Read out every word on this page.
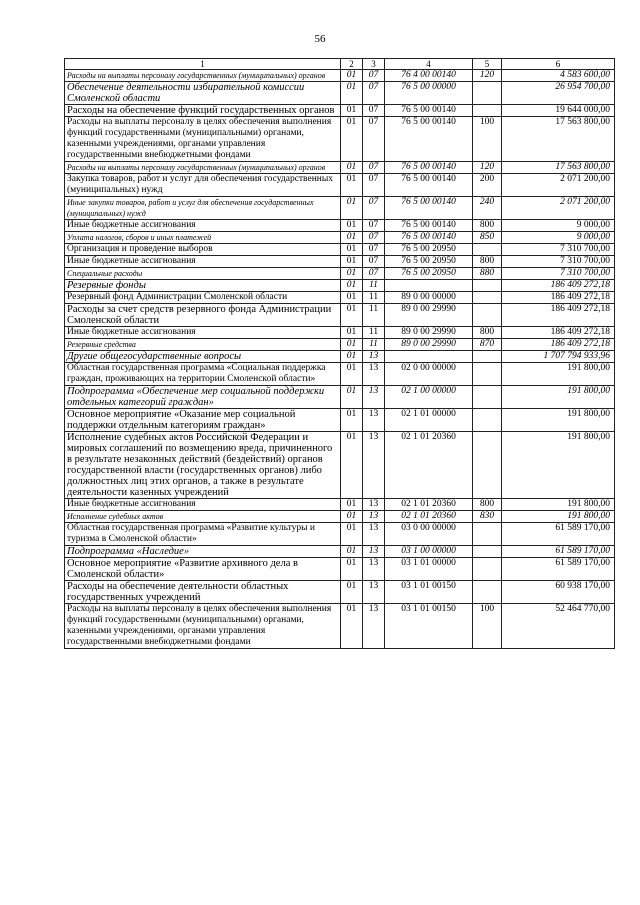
56
1	2	3	4	5	6
Расходы на выплаты персоналу государственных (муниципальных) органов	01	07	76 4 00 00140	120	4 583 600,00
Обеспечение деятельности избирательной комиссии Смоленской области	01	07	76 5 00 00000		26 954 700,00
Расходы на обеспечение функций государственных органов	01	07	76 5 00 00140		19 644 000,00
Расходы на выплаты персоналу в целях обеспечения выполнения функций государственными (муниципальными) органами, казенными учреждениями, органами управления государственными внебюджетными фондами	01	07	76 5 00 00140	100	17 563 800,00
Расходы на выплаты персоналу государственных (муниципальных) органов	01	07	76 5 00 00140	120	17 563 800,00
Закупка товаров, работ и услуг для обеспечения государственных (муниципальных) нужд	01	07	76 5 00 00140	200	2 071 200,00
Иные закупки товаров, работ и услуг для обеспечения государственных (муниципальных) нужд	01	07	76 5 00 00140	240	2 071 200,00
Иные бюджетные ассигнования	01	07	76 5 00 00140	800	9 000,00
Уплата налогов, сборов и иных платежей	01	07	76 5 00 00140	850	9 000,00
Организация и проведение выборов	01	07	76 5 00 20950		7 310 700,00
Иные бюджетные ассигнования	01	07	76 5 00 20950	800	7 310 700,00
Специальные расходы	01	07	76 5 00 20950	880	7 310 700,00
Резервные фонды	01	11			186 409 272,18
Резервный фонд Администрации Смоленской области	01	11	89 0 00 00000		186 409 272,18
Расходы за счет средств резервного фонда Администрации Смоленской области	01	11	89 0 00 29990		186 409 272,18
Иные бюджетные ассигнования	01	11	89 0 00 29990	800	186 409 272,18
Резервные средства	01	11	89 0 00 29990	870	186 409 272,18
Другие общегосударственные вопросы	01	13			1 707 794 933,96
Областная государственная программа «Социальная поддержка граждан, проживающих на территории Смоленской области»	01	13	02 0 00 00000		191 800,00
Подпрограмма «Обеспечение мер социальной поддержки отдельных категорий граждан»	01	13	02 1 00 00000		191 800,00
Основное мероприятие «Оказание мер социальной поддержки отдельным категориям граждан»	01	13	02 1 01 00000		191 800,00
Исполнение судебных актов Российской Федерации и мировых соглашений по возмещению вреда, причиненного в результате незаконных действий (бездействий) органов государственной власти (государственных органов) либо должностных лиц этих органов, а также в результате деятельности казенных учреждений	01	13	02 1 01 20360		191 800,00
Иные бюджетные ассигнования	01	13	02 1 01 20360	800	191 800,00
Исполнение судебных актов	01	13	02 1 01 20360	830	191 800,00
Областная государственная программа «Развитие культуры и туризма в Смоленской области»	01	13	03 0 00 00000		61 589 170,00
Подпрограмма «Наследие»	01	13	03 1 00 00000		61 589 170,00
Основное мероприятие «Развитие архивного дела в Смоленской области»	01	13	03 1 01 00000		61 589 170,00
Расходы на обеспечение деятельности областных государственных учреждений	01	13	03 1 01 00150		60 938 170,00
Расходы на выплаты персоналу в целях обеспечения выполнения функций государственными (муниципальными) органами, казенными учреждениями, органами управления государственными внебюджетными фондами	01	13	03 1 01 00150	100	52 464 770,00
